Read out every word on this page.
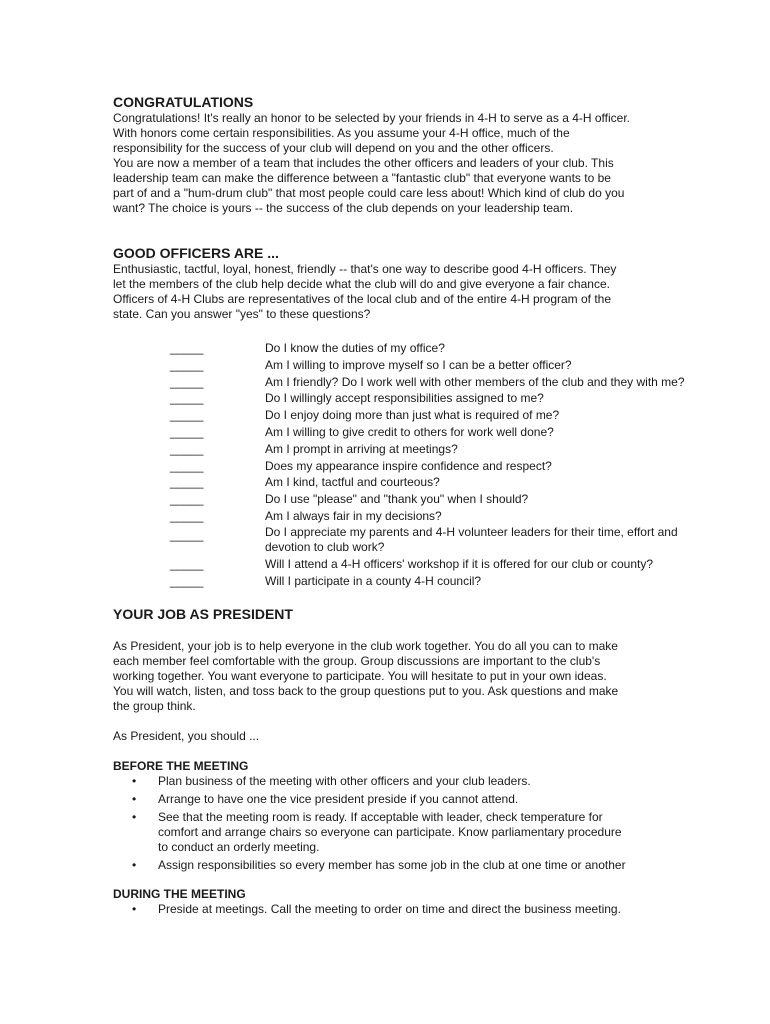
CONGRATULATIONS

Congratulations! It's really an honor to be selected by your friends in 4-H to serve as a 4-H officer.
With honors come certain responsibilities. As you assume your 4-H office, much of the
responsibility for the success of your club will depend on you and the other officers.
You are now a member of a team that includes the other officers and leaders of your club. This
leadership team can make the difference between a "fantastic club" that everyone wants to be
part of and a "hum-drum club" that most people could care less about! Which kind of club do you
want? The choice is yours -- the success of the club depends on your leadership team.

GOOD OFFICERS ARE ...

Enthusiastic, tactful, loyal, honest, friendly -- that's one way to describe good 4-H officers. They
let the members of the club help decide what the club will do and give everyone a fair chance.
Officers of 4-H Clubs are representatives of the local club and of the entire 4-H program of the
state. Can you answer "yes" to these questions?

_____	Do I know the duties of my office?
_____	Am I willing to improve myself so I can be a better officer?
_____	Am I friendly? Do I work well with other members of the club and they with me?
_____	Do I willingly accept responsibilities assigned to me?
_____	Do I enjoy doing more than just what is required of me?
_____	Am I willing to give credit to others for work well done?
_____	Am I prompt in arriving at meetings?
_____	Does my appearance inspire confidence and respect?
_____	Am I kind, tactful and courteous?
_____	Do I use "please" and "thank you" when I should?
_____	Am I always fair in my decisions?
_____	Do I appreciate my parents and 4-H volunteer leaders for their time, effort and
devotion to club work?
_____	Will I attend a 4-H officers' workshop if it is offered for our club or county?
_____	Will I participate in a county 4-H council?
YOUR JOB AS PRESIDENT

As President, your job is to help everyone in the club work together. You do all you can to make
each member feel comfortable with the group. Group discussions are important to the club's
working together. You want everyone to participate. You will hesitate to put in your own ideas.
You will watch, listen, and toss back to the group questions put to you. Ask questions and make
the group think.

As President, you should ...

BEFORE THE MEETING
• Plan business of the meeting with other officers and your club leaders.
• Arrange to have one the vice president preside if you cannot attend.
• See that the meeting room is ready. If acceptable with leader, check temperature for
comfort and arrange chairs so everyone can participate. Know parliamentary procedure
to conduct an orderly meeting.
• Assign responsibilities so every member has some job in the club at one time or another
DURING THE MEETING
• Preside at meetings. Call the meeting to order on time and direct the business meeting.
